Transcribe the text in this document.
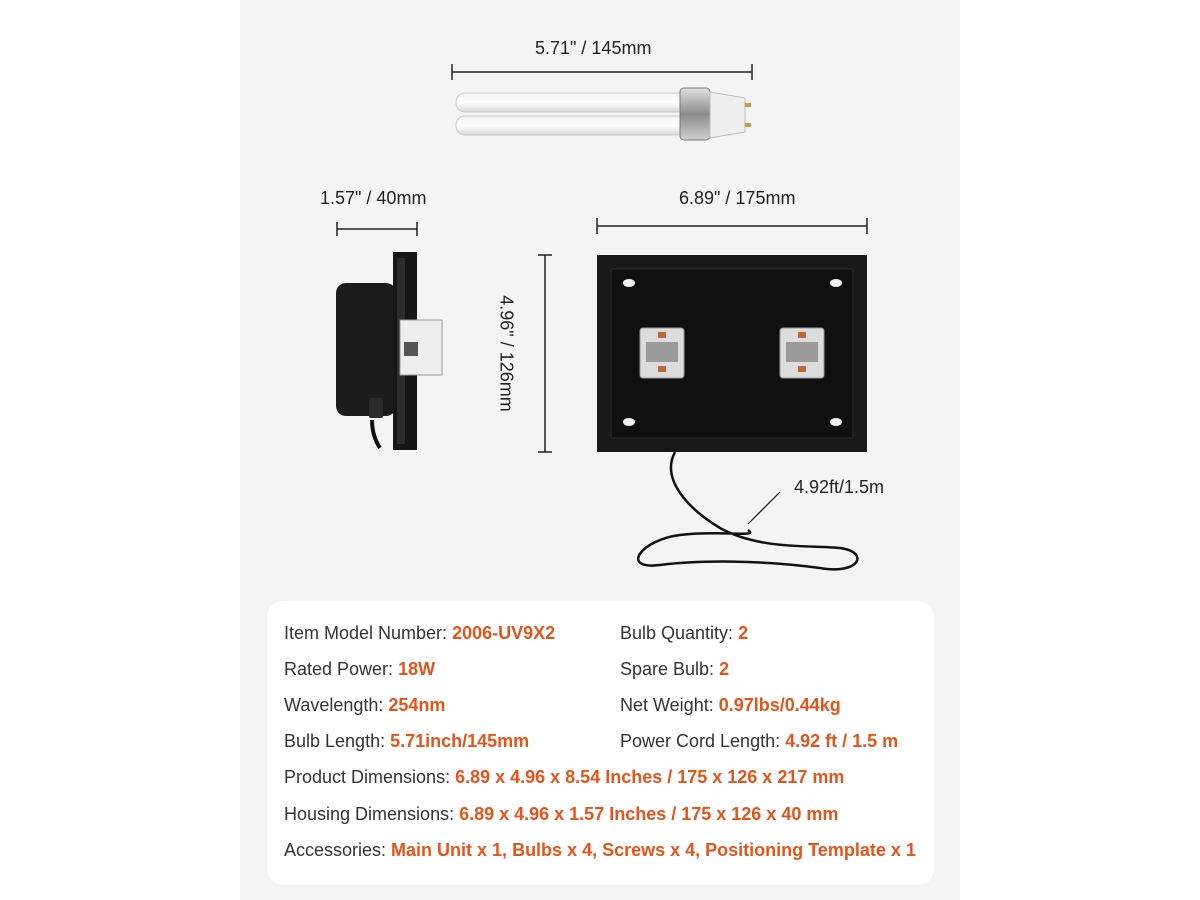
5.71" / 145mm
1.57" / 40mm	6.89" / 175mm
4.96" / 126mm
4.92ft/1.5m
Item Model Number: 2006-UV9X2
Rated Power: 18W
Wavelength: 254nm
Bulb Length: 5.71inch/145mm
Product Dimensions: 6.89 x 4.96 x 8.54 Inches / 175 x 126 x 217 mm
Housing Dimensions: 6.89 x 4.96 x 1.57 Inches / 175 x 126 x 40 mm
Accessories: Main Unit x 1, Bulbs x 4, Screws x 4, Positioning Template x 1
Bulb Quantity: 2
Spare Bulb: 2
Net Weight: 0.97lbs/0.44kg
Power Cord Length: 4.92 ft / 1.5 m
